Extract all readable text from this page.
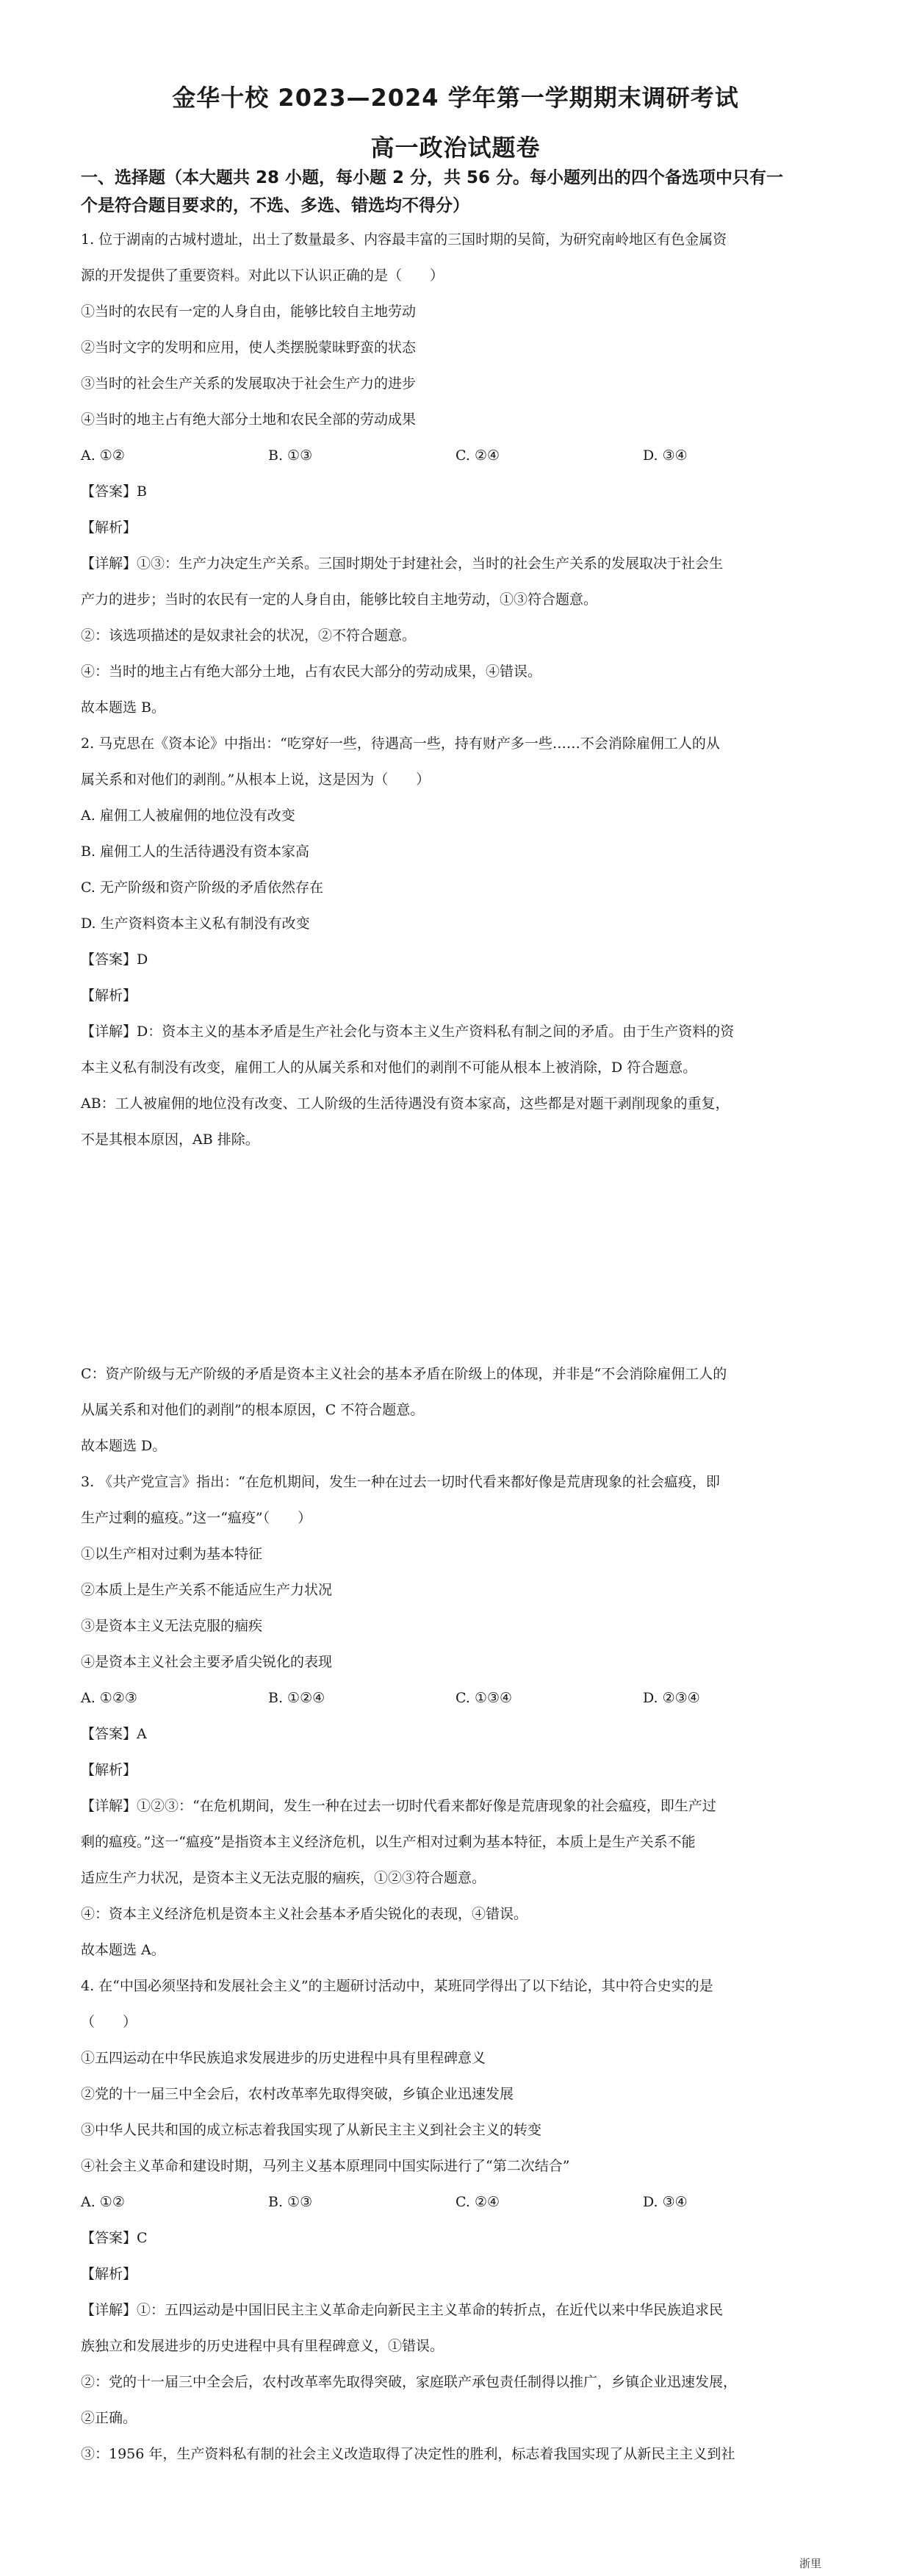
金华十校 2023—2024 学年第一学期期末调研考试
高一政治试题卷
一、选择题（本大题共 28 小题，每小题 2 分，共 56 分。每小题列出的四个备选项中只有一
个是符合题目要求的，不选、多选、错选均不得分）
1. 位于湖南的古城村遗址，出土了数量最多、内容最丰富的三国时期的吴简，为研究南岭地区有色金属资
源的开发提供了重要资料。对此以下认识正确的是（　　）
①当时的农民有一定的人身自由，能够比较自主地劳动
②当时文字的发明和应用，使人类摆脱蒙昧野蛮的状态
③当时的社会生产关系的发展取决于社会生产力的进步
④当时的地主占有绝大部分土地和农民全部的劳动成果
A. ①②	B. ①③	C. ②④	D. ③④
【答案】B
【解析】
【详解】①③：生产力决定生产关系。三国时期处于封建社会，当时的社会生产关系的发展取决于社会生
产力的进步；当时的农民有一定的人身自由，能够比较自主地劳动，①③符合题意。
②：该选项描述的是奴隶社会的状况，②不符合题意。
④：当时的地主占有绝大部分土地，占有农民大部分的劳动成果，④错误。
故本题选 B。
2. 马克思在《资本论》中指出：“吃穿好一些，待遇高一些，持有财产多一些……不会消除雇佣工人的从
属关系和对他们的剥削。”从根本上说，这是因为（　　）
A. 雇佣工人被雇佣的地位没有改变
B. 雇佣工人的生活待遇没有资本家高
C. 无产阶级和资产阶级的矛盾依然存在
D. 生产资料资本主义私有制没有改变
【答案】D
【解析】
【详解】D：资本主义的基本矛盾是生产社会化与资本主义生产资料私有制之间的矛盾。由于生产资料的资
本主义私有制没有改变，雇佣工人的从属关系和对他们的剥削不可能从根本上被消除，D 符合题意。
AB：工人被雇佣的地位没有改变、工人阶级的生活待遇没有资本家高，这些都是对题干剥削现象的重复，
不是其根本原因，AB 排除。
C：资产阶级与无产阶级的矛盾是资本主义社会的基本矛盾在阶级上的体现，并非是“不会消除雇佣工人的
从属关系和对他们的剥削”的根本原因，C 不符合题意。
故本题选 D。
3. 《共产党宣言》指出：“在危机期间，发生一种在过去一切时代看来都好像是荒唐现象的社会瘟疫，即
生产过剩的瘟疫。”这一“瘟疫”（　　）
①以生产相对过剩为基本特征
②本质上是生产关系不能适应生产力状况
③是资本主义无法克服的痼疾
④是资本主义社会主要矛盾尖锐化的表现
A. ①②③	B. ①②④	C. ①③④	D. ②③④
【答案】A
【解析】
【详解】①②③：“在危机期间，发生一种在过去一切时代看来都好像是荒唐现象的社会瘟疫，即生产过
剩的瘟疫。”这一“瘟疫”是指资本主义经济危机，以生产相对过剩为基本特征，本质上是生产关系不能
适应生产力状况，是资本主义无法克服的痼疾，①②③符合题意。
④：资本主义经济危机是资本主义社会基本矛盾尖锐化的表现，④错误。
故本题选 A。
4. 在“中国必须坚持和发展社会主义”的主题研讨活动中，某班同学得出了以下结论，其中符合史实的是
（　　）
①五四运动在中华民族追求发展进步的历史进程中具有里程碑意义
②党的十一届三中全会后，农村改革率先取得突破，乡镇企业迅速发展
③中华人民共和国的成立标志着我国实现了从新民主主义到社会主义的转变
④社会主义革命和建设时期，马列主义基本原理同中国实际进行了“第二次结合”
A. ①②	B. ①③	C. ②④	D. ③④
【答案】C
【解析】
【详解】①：五四运动是中国旧民主主义革命走向新民主主义革命的转折点，在近代以来中华民族追求民
族独立和发展进步的历史进程中具有里程碑意义，①错误。
②：党的十一届三中全会后，农村改革率先取得突破，家庭联产承包责任制得以推广，乡镇企业迅速发展，
②正确。
③：1956 年，生产资料私有制的社会主义改造取得了决定性的胜利，标志着我国实现了从新民主主义到社
浙里
